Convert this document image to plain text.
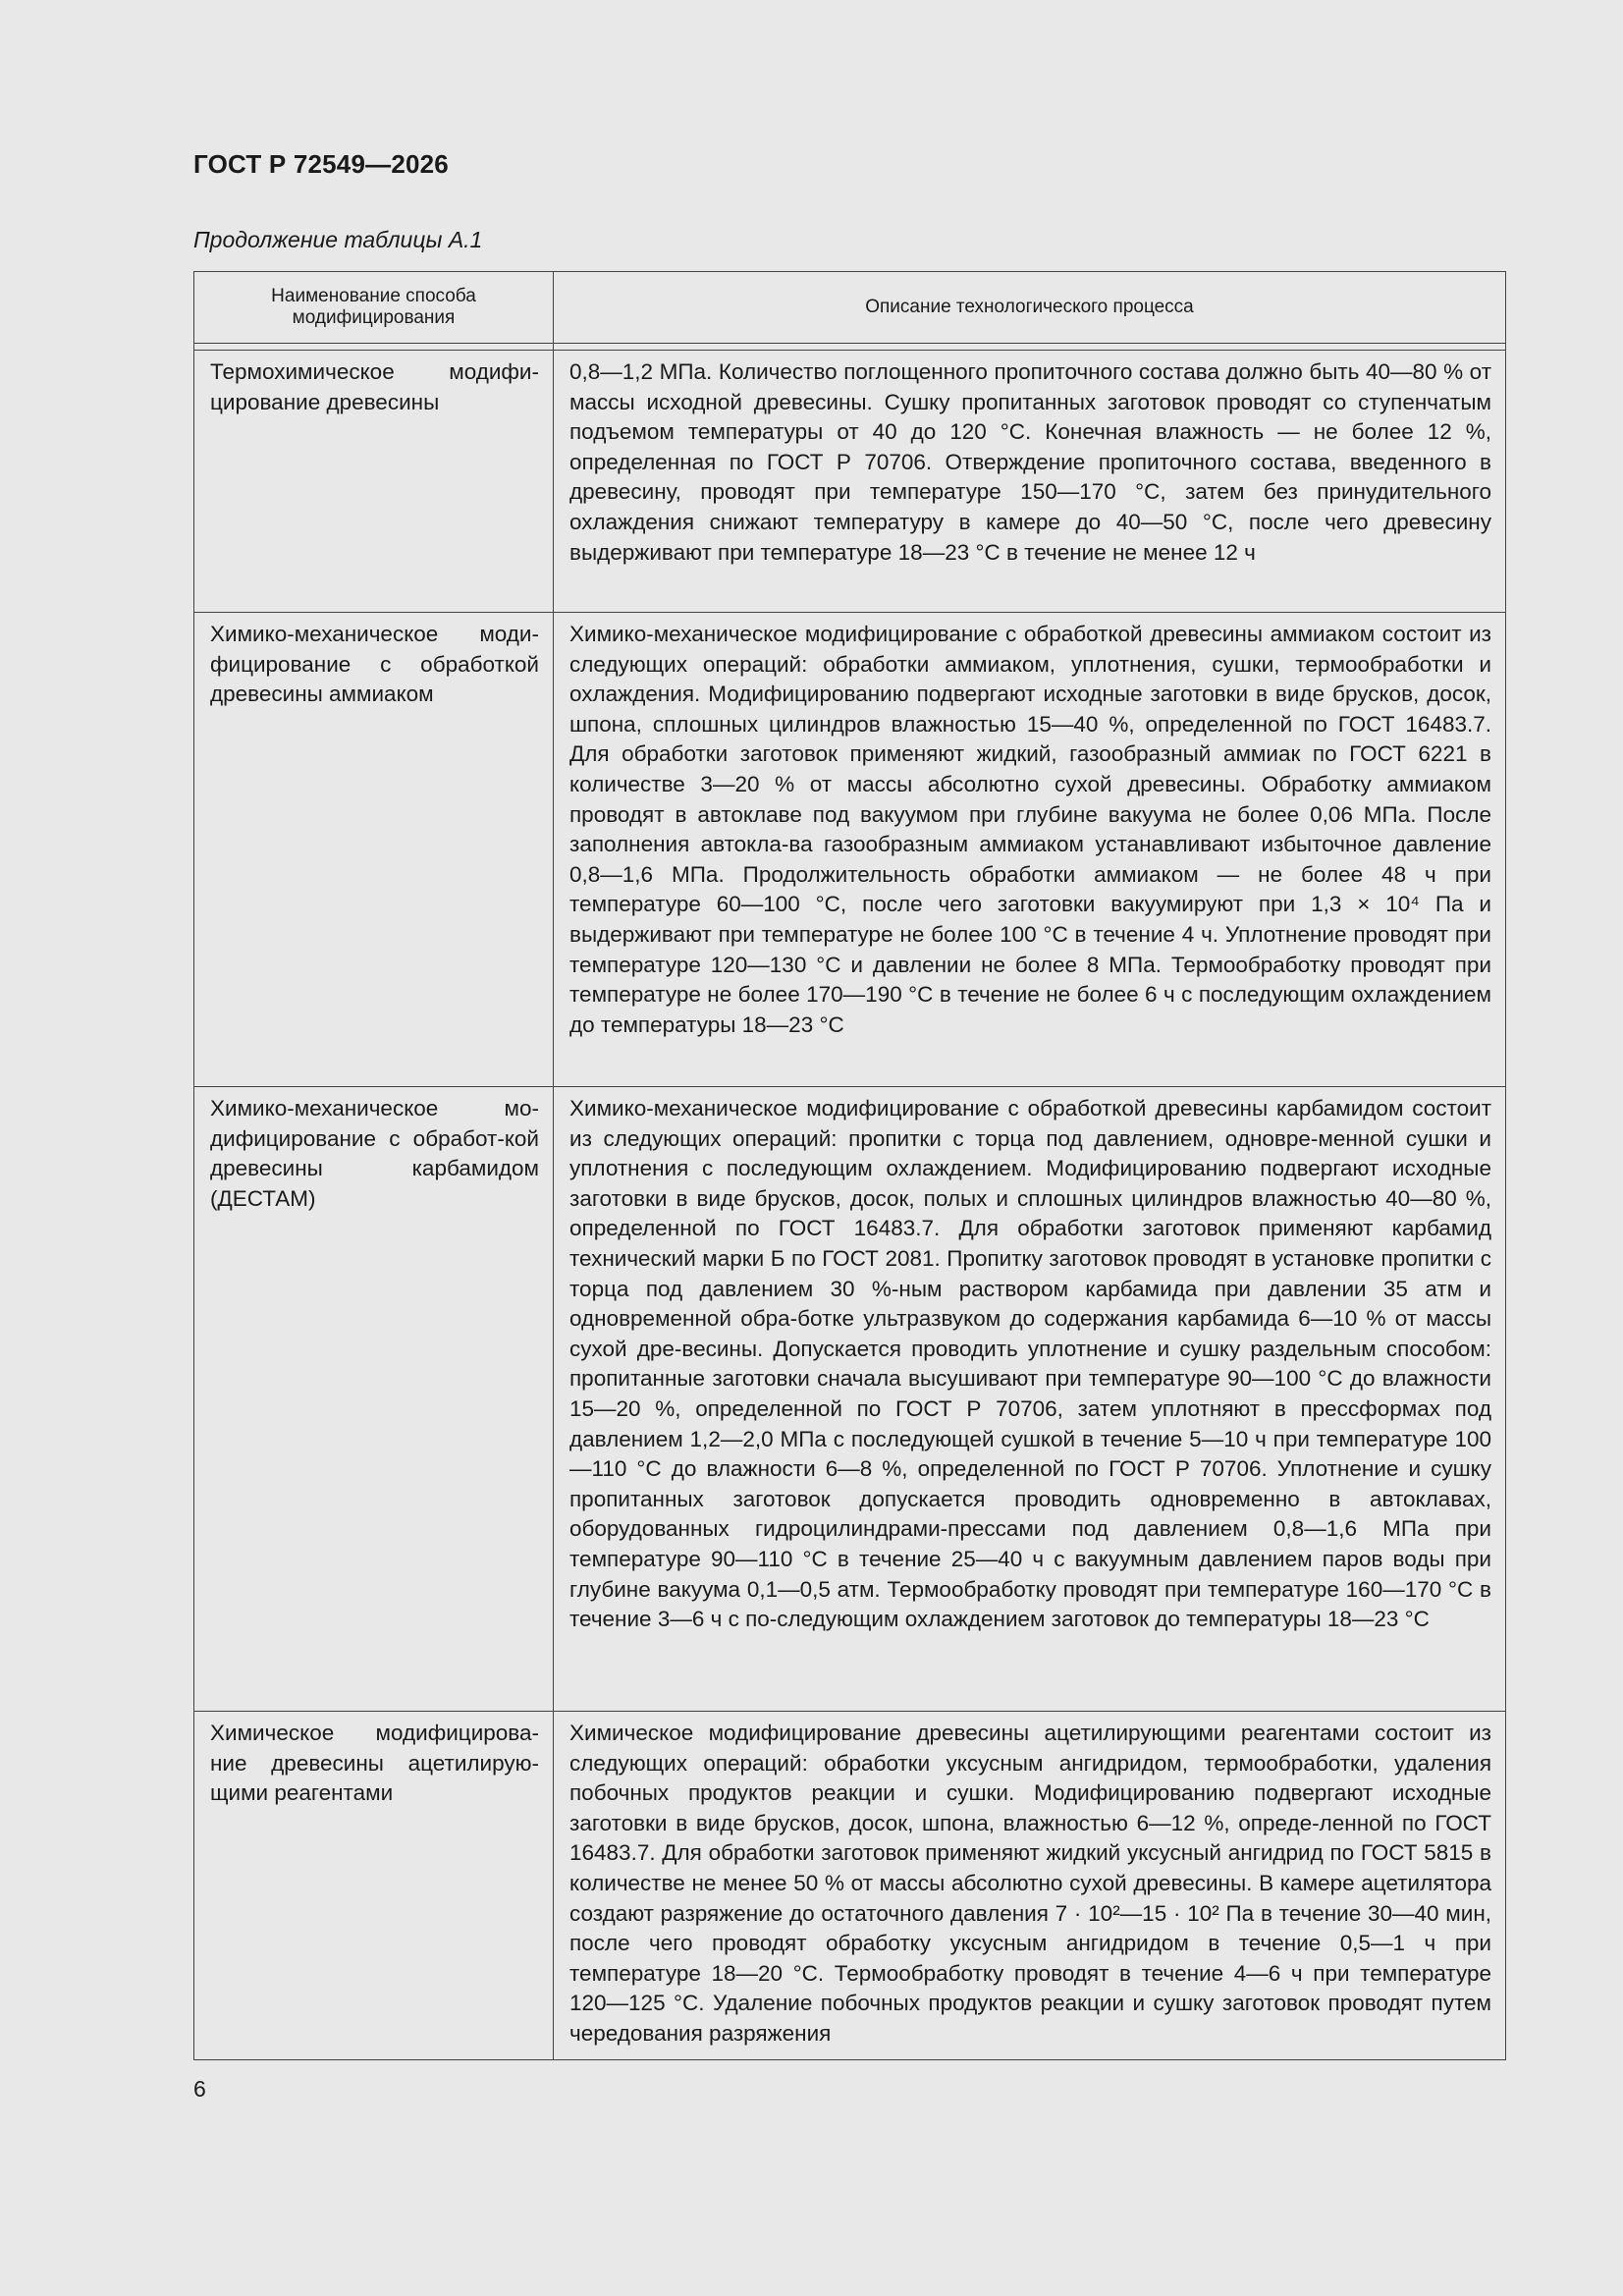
ГОСТ Р 72549—2026
Продолжение таблицы А.1
Наименование способа модифицирования
Описание технологического процесса
Термохимическое модифи-цирование древесины
0,8—1,2 МПа. Количество поглощенного пропиточного состава должно быть 40—80 % от массы исходной древесины. Сушку пропитанных заготовок проводят со ступенчатым подъемом температуры от 40 до 120 °С. Конечная влажность — не более 12 %, определенная по ГОСТ Р 70706. Отверждение пропиточного состава, введенного в древесину, проводят при температуре 150—170 °С, затем без принудительного охлаждения снижают температуру в камере до 40—50 °С, после чего древесину выдерживают при температуре 18—23 °С в течение не менее 12 ч
Химико-механическое моди-фицирование с обработкой древесины аммиаком
Химико-механическое модифицирование с обработкой древесины аммиаком состоит из следующих операций: обработки аммиаком, уплотнения, сушки, термообработки и охлаждения. Модифицированию подвергают исходные заготовки в виде брусков, досок, шпона, сплошных цилиндров влажностью 15—40 %, определенной по ГОСТ 16483.7. Для обработки заготовок применяют жидкий, газообразный аммиак по ГОСТ 6221 в количестве 3—20 % от массы абсолютно сухой древесины. Обработку аммиаком проводят в автоклаве под вакуумом при глубине вакуума не более 0,06 МПа. После заполнения автокла-ва газообразным аммиаком устанавливают избыточное давление 0,8—1,6 МПа. Продолжительность обработки аммиаком — не более 48 ч при температуре 60—100 °С, после чего заготовки вакуумируют при 1,3 × 10⁴ Па и выдерживают при температуре не более 100 °С в течение 4 ч. Уплотнение проводят при температуре 120—130 °С и давлении не более 8 МПа. Термообработку проводят при температуре не более 170—190 °С в течение не более 6 ч с последующим охлаждением до температуры 18—23 °С
Химико-механическое мо-дифицирование с обработ-кой древесины карбамидом (ДЕСТАМ)
Химико-механическое модифицирование с обработкой древесины карбамидом состоит из следующих операций: пропитки с торца под давлением, одновре-менной сушки и уплотнения с последующим охлаждением. Модифицированию подвергают исходные заготовки в виде брусков, досок, полых и сплошных цилиндров влажностью 40—80 %, определенной по ГОСТ 16483.7. Для обработки заготовок применяют карбамид технический марки Б по ГОСТ 2081. Пропитку заготовок проводят в установке пропитки с торца под давлением 30 %-ным раствором карбамида при давлении 35 атм и одновременной обра-ботке ультразвуком до содержания карбамида 6—10 % от массы сухой дре-весины. Допускается проводить уплотнение и сушку раздельным способом: пропитанные заготовки сначала высушивают при температуре 90—100 °С до влажности 15—20 %, определенной по ГОСТ Р 70706, затем уплотняют в прессформах под давлением 1,2—2,0 МПа с последующей сушкой в течение 5—10 ч при температуре 100—110 °С до влажности 6—8 %, определенной по ГОСТ Р 70706. Уплотнение и сушку пропитанных заготовок допускается проводить одновременно в автоклавах, оборудованных гидроцилиндрами-прессами под давлением 0,8—1,6 МПа при температуре 90—110 °С в течение 25—40 ч с вакуумным давлением паров воды при глубине вакуума 0,1—0,5 атм. Термообработку проводят при температуре 160—170 °С в течение 3—6 ч с по-следующим охлаждением заготовок до температуры 18—23 °С
Химическое модифицирова-ние древесины ацетилирую-щими реагентами
Химическое модифицирование древесины ацетилирующими реагентами состоит из следующих операций: обработки уксусным ангидридом, термообработки, удаления побочных продуктов реакции и сушки. Модифицированию подвергают исходные заготовки в виде брусков, досок, шпона, влажностью 6—12 %, опреде-ленной по ГОСТ 16483.7. Для обработки заготовок применяют жидкий уксусный ангидрид по ГОСТ 5815 в количестве не менее 50 % от массы абсолютно сухой древесины. В камере ацетилятора создают разряжение до остаточного давления 7 · 10²—15 · 10² Па в течение 30—40 мин, после чего проводят обработку уксусным ангидридом в течение 0,5—1 ч при температуре 18—20 °С. Термообработку проводят в течение 4—6 ч при температуре 120—125 °С. Удаление побочных продуктов реакции и сушку заготовок проводят путем чередования разряжения
6
